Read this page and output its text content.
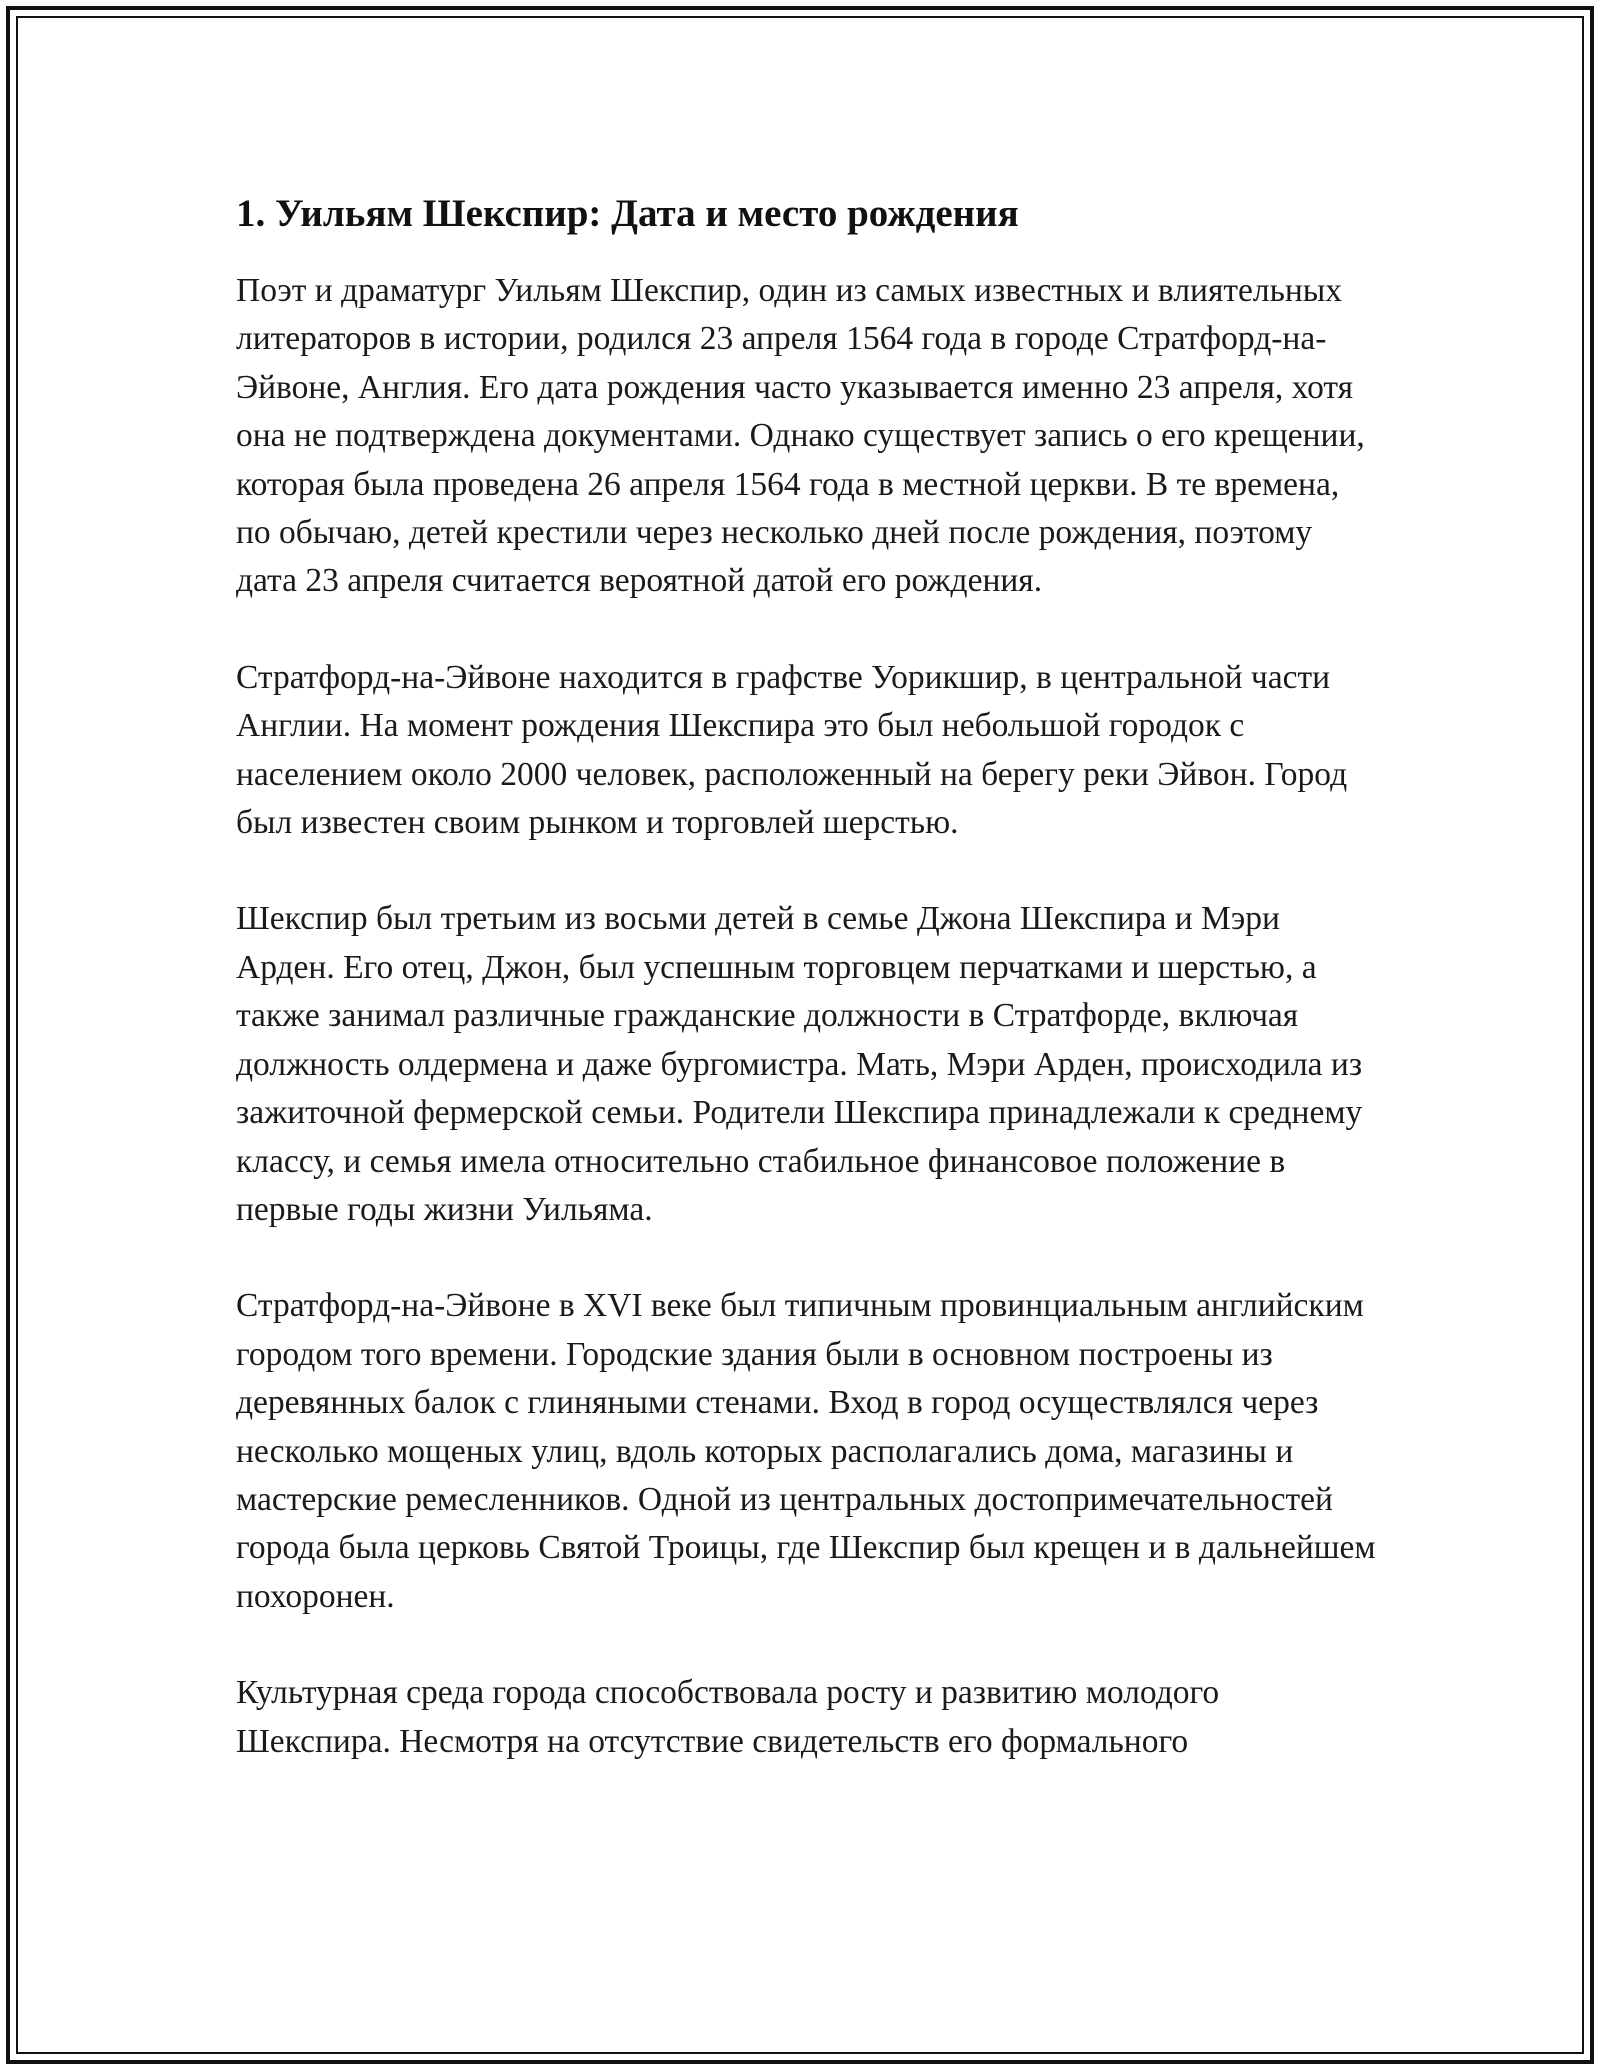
1. Уильям Шекспир: Дата и место рождения

Поэт и драматург Уильям Шекспир, один из самых известных и влиятельных литераторов в истории, родился 23 апреля 1564 года в городе Стратфорд-на-Эйвоне, Англия. Его дата рождения часто указывается именно 23 апреля, хотя она не подтверждена документами. Однако существует запись о его крещении, которая была проведена 26 апреля 1564 года в местной церкви. В те времена, по обычаю, детей крестили через несколько дней после рождения, поэтому дата 23 апреля считается вероятной датой его рождения.

Стратфорд-на-Эйвоне находится в графстве Уорикшир, в центральной части Англии. На момент рождения Шекспира это был небольшой городок с населением около 2000 человек, расположенный на берегу реки Эйвон. Город был известен своим рынком и торговлей шерстью.

Шекспир был третьим из восьми детей в семье Джона Шекспира и Мэри Арден. Его отец, Джон, был успешным торговцем перчатками и шерстью, а также занимал различные гражданские должности в Стратфорде, включая должность олдермена и даже бургомистра. Мать, Мэри Арден, происходила из зажиточной фермерской семьи. Родители Шекспира принадлежали к среднему классу, и семья имела относительно стабильное финансовое положение в первые годы жизни Уильяма.

Стратфорд-на-Эйвоне в XVI веке был типичным провинциальным английским городом того времени. Городские здания были в основном построены из деревянных балок с глиняными стенами. Вход в город осуществлялся через несколько мощеных улиц, вдоль которых располагались дома, магазины и мастерские ремесленников. Одной из центральных достопримечательностей города была церковь Святой Троицы, где Шекспир был крещен и в дальнейшем похоронен.

Культурная среда города способствовала росту и развитию молодого Шекспира. Несмотря на отсутствие свидетельств его формального
